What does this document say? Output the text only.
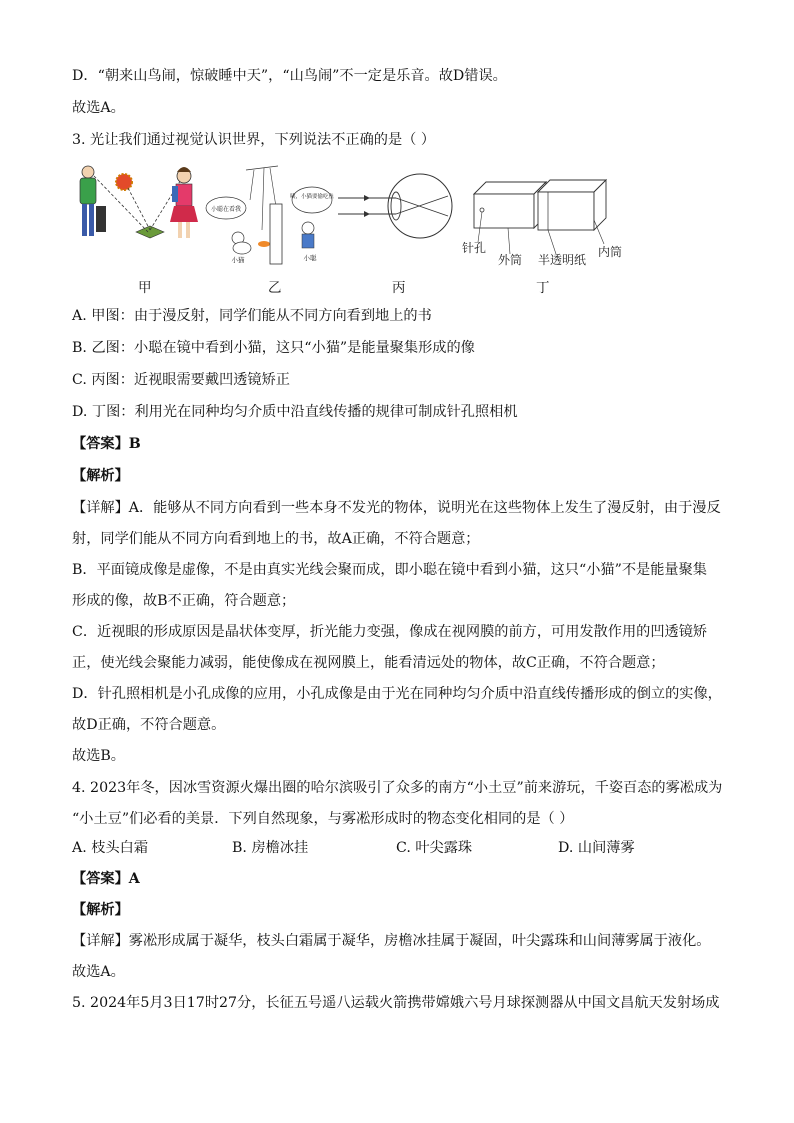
D．“朝来山鸟闹，惊破睡中天”，“山鸟闹”不一定是乐音。故D错误。
故选A。
3. 光让我们通过视觉认识世界，下列说法不正确的是（ ）
小聪在看我
小猫
咦，小猫要偷吃鱼
小聪
针孔
外筒 半透明纸
内筒
甲	乙	丙	丁
A. 甲图：由于漫反射，同学们能从不同方向看到地上的书
B. 乙图：小聪在镜中看到小猫，这只“小猫”是能量聚集形成的像
C. 丙图：近视眼需要戴凹透镜矫正
D. 丁图：利用光在同种均匀介质中沿直线传播的规律可制成针孔照相机
【答案】B
【解析】
【详解】A．能够从不同方向看到一些本身不发光的物体，说明光在这些物体上发生了漫反射，由于漫反
射，同学们能从不同方向看到地上的书，故A正确，不符合题意；
B．平面镜成像是虚像，不是由真实光线会聚而成，即小聪在镜中看到小猫，这只“小猫”不是能量聚集
形成的像，故B不正确，符合题意；
C．近视眼的形成原因是晶状体变厚，折光能力变强，像成在视网膜的前方，可用发散作用的凹透镜矫
正，使光线会聚能力减弱，能使像成在视网膜上，能看清远处的物体，故C正确，不符合题意；
D．针孔照相机是小孔成像的应用，小孔成像是由于光在同种均匀介质中沿直线传播形成的倒立的实像，
故D正确，不符合题意。
故选B。
4. 2023年冬，因冰雪资源火爆出圈的哈尔滨吸引了众多的南方“小土豆”前来游玩，千姿百态的雾凇成为
“小土豆”们必看的美景．下列自然现象，与雾凇形成时的物态变化相同的是（ ）
A. 枝头白霜	B. 房檐冰挂	C. 叶尖露珠	D. 山间薄雾
【答案】A
【解析】
【详解】雾凇形成属于凝华，枝头白霜属于凝华，房檐冰挂属于凝固，叶尖露珠和山间薄雾属于液化。
故选A。
5. 2024年5月3日17时27分，长征五号遥八运载火箭携带嫦娥六号月球探测器从中国文昌航天发射场成
